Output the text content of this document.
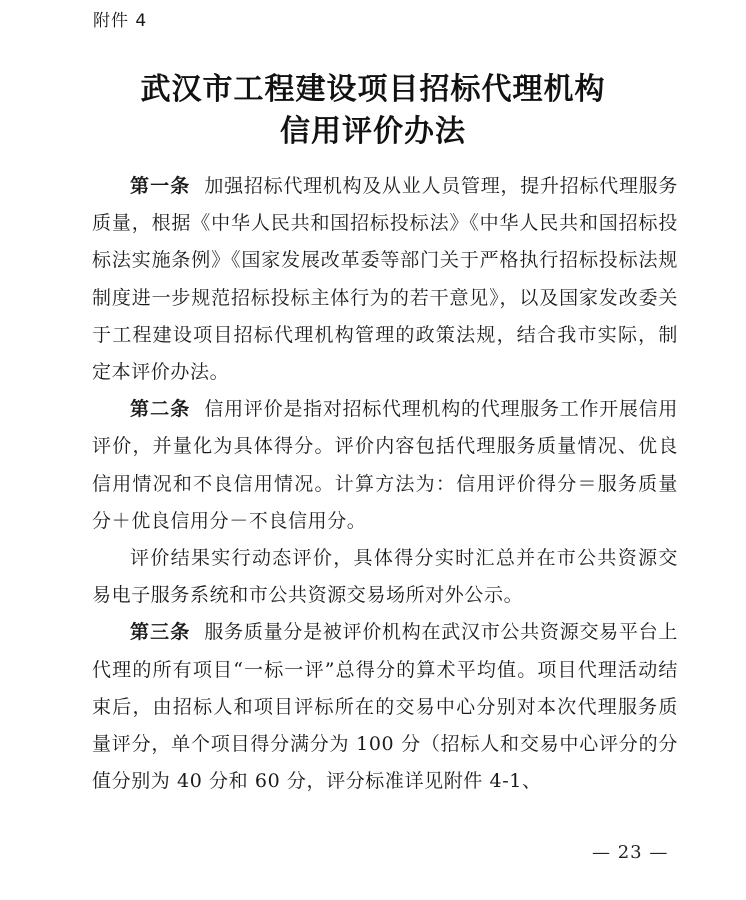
附件 4
武汉市工程建设项目招标代理机构
信用评价办法

第一条 加强招标代理机构及从业人员管理，提升招标代理服务质量，根据《中华人民共和国招标投标法》《中华人民共和国招标投标法实施条例》《国家发展改革委等部门关于严格执行招标投标法规制度进一步规范招标投标主体行为的若干意见》，以及国家发改委关于工程建设项目招标代理机构管理的政策法规，结合我市实际，制定本评价办法。

第二条 信用评价是指对招标代理机构的代理服务工作开展信用评价，并量化为具体得分。评价内容包括代理服务质量情况、优良信用情况和不良信用情况。计算方法为：信用评价得分＝服务质量分＋优良信用分－不良信用分。

评价结果实行动态评价，具体得分实时汇总并在市公共资源交易电子服务系统和市公共资源交易场所对外公示。

第三条 服务质量分是被评价机构在武汉市公共资源交易平台上代理的所有项目“一标一评”总得分的算术平均值。项目代理活动结束后，由招标人和项目评标所在的交易中心分别对本次代理服务质量评分，单个项目得分满分为 100 分（招标人和交易中心评分的分值分别为 40 分和 60 分，评分标准详见附件 4-1、

— 23 —
